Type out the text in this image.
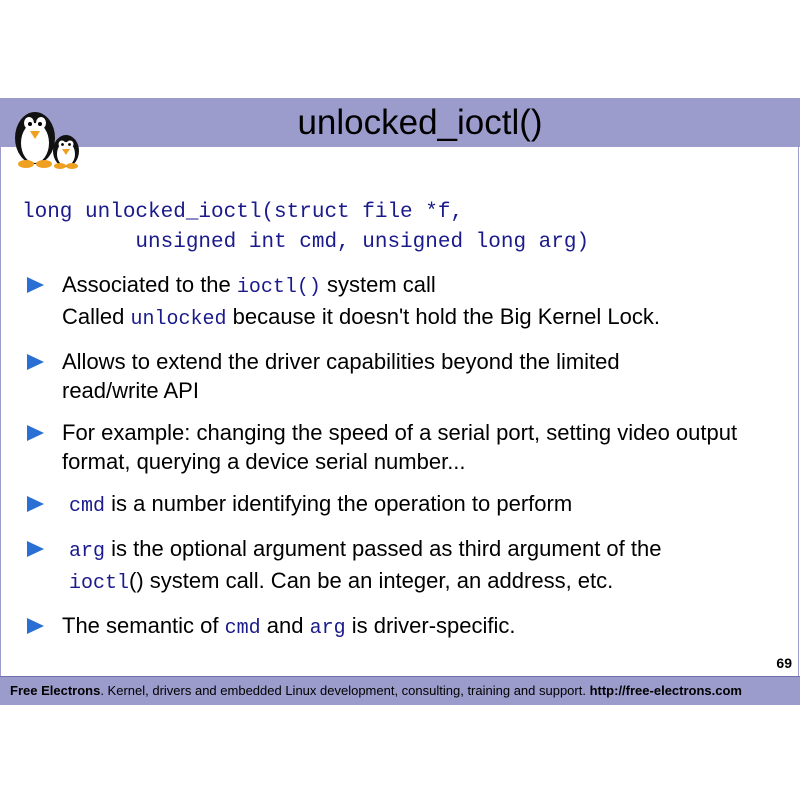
unlocked_ioctl()
long unlocked_ioctl(struct file *f,
unsigned int cmd, unsigned long arg)
Associated to the ioctl() system call
Called unlocked because it doesn't hold the Big Kernel Lock.
Allows to extend the driver capabilities beyond the limited read/write API
For example: changing the speed of a serial port, setting video output format, querying a device serial number...
cmd is a number identifying the operation to perform
arg is the optional argument passed as third argument of the
ioctl() system call. Can be an integer, an address, etc.
The semantic of cmd and arg is driver-specific.
69
Free Electrons. Kernel, drivers and embedded Linux development, consulting, training and support. http://free-electrons.com
